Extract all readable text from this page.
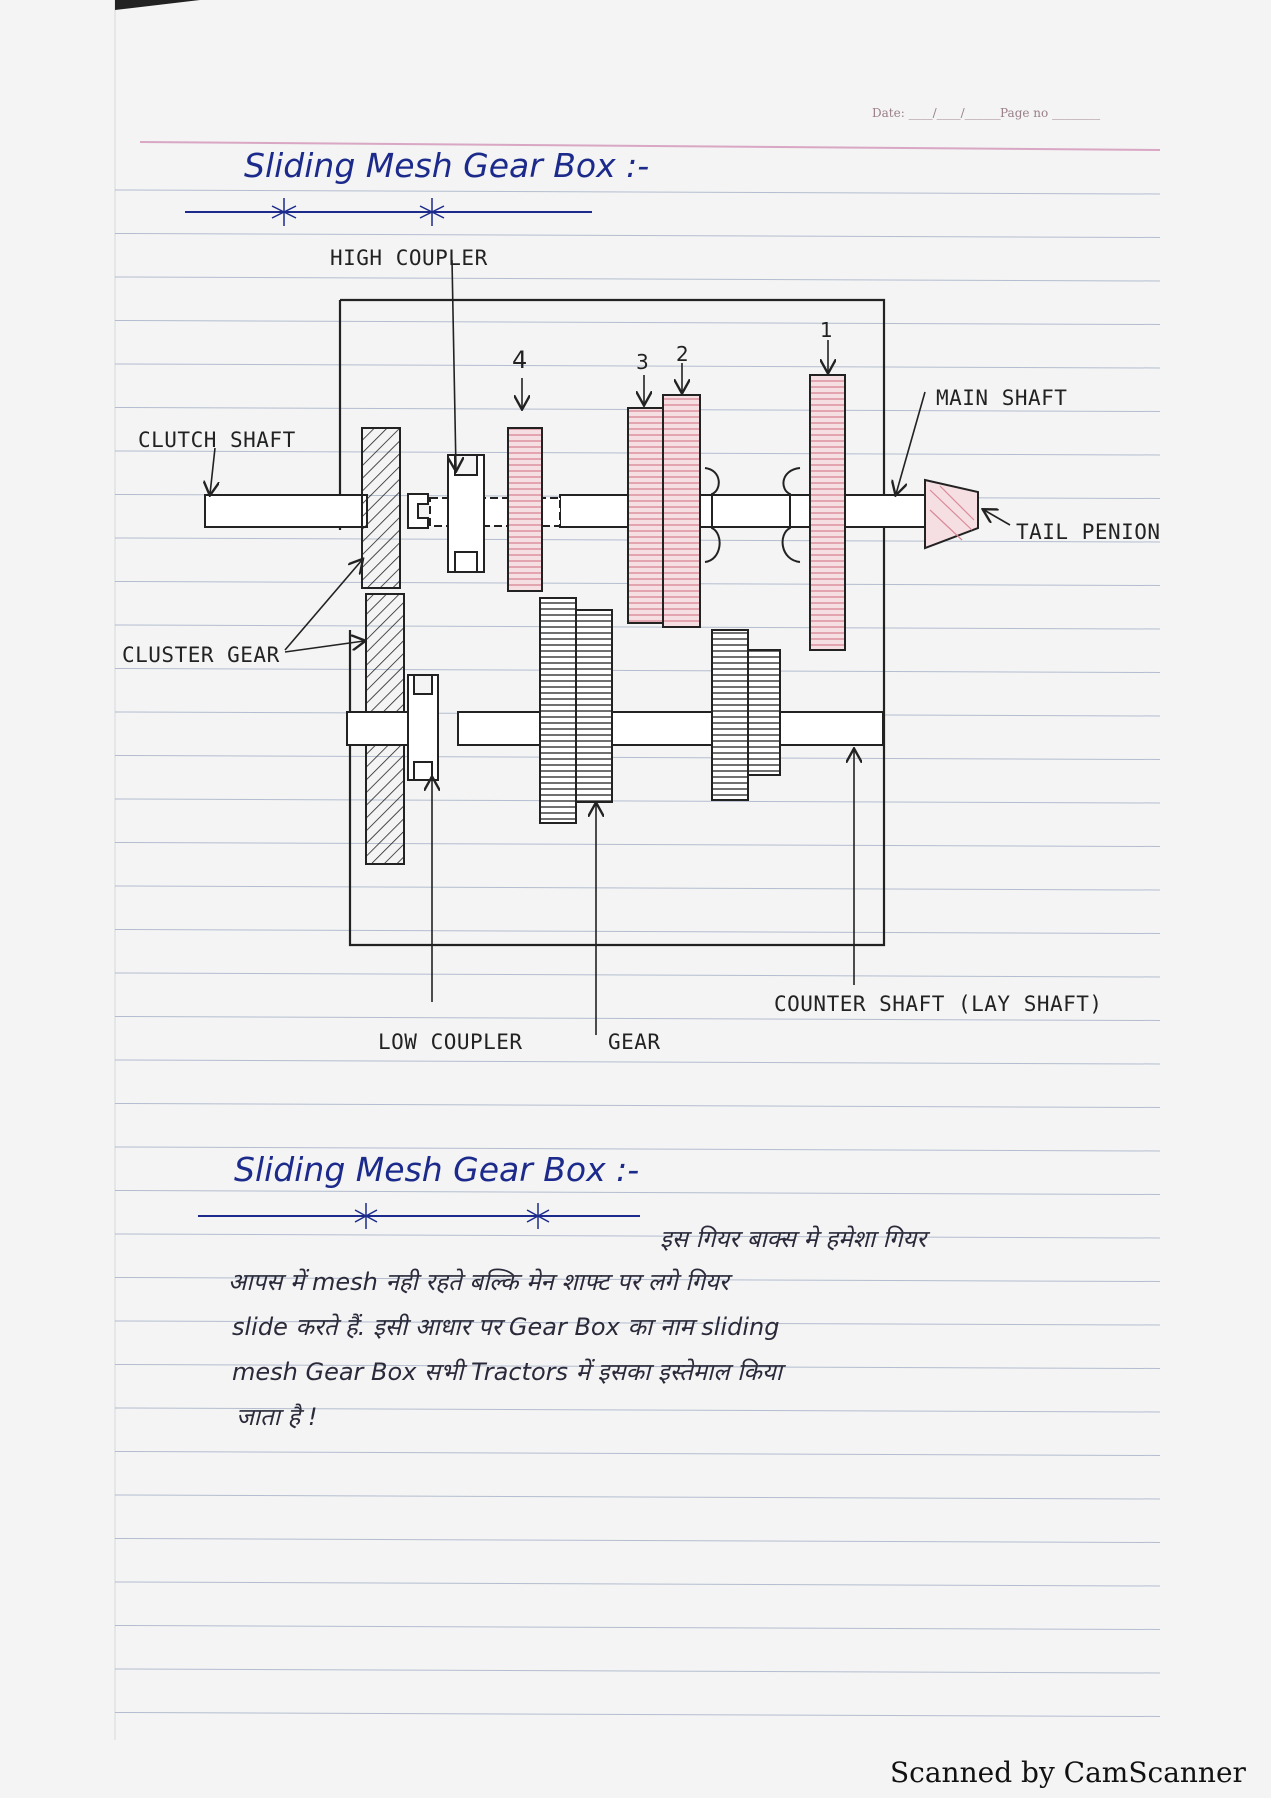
Date: ____/____/______ Page no ________
Sliding Mesh Gear Box :-
HIGH COUPLER
CLUTCH SHAFT
MAIN SHAFT
TAIL PENION
CLUSTER GEAR
COUNTER SHAFT (LAY SHAFT)
LOW COUPLER	GEAR
1
2
3
4
Sliding Mesh Gear Box :-
इस गियर बाक्स मे हमेशा गियर
आपस में mesh नही रहते बल्कि मेन शाफ्ट पर लगे गियर
slide करते हैं. इसी आधार पर Gear Box का नाम sliding
mesh Gear Box सभी Tractors में इसका इस्तेमाल किया
जाता है !
Scanned by CamScanner
